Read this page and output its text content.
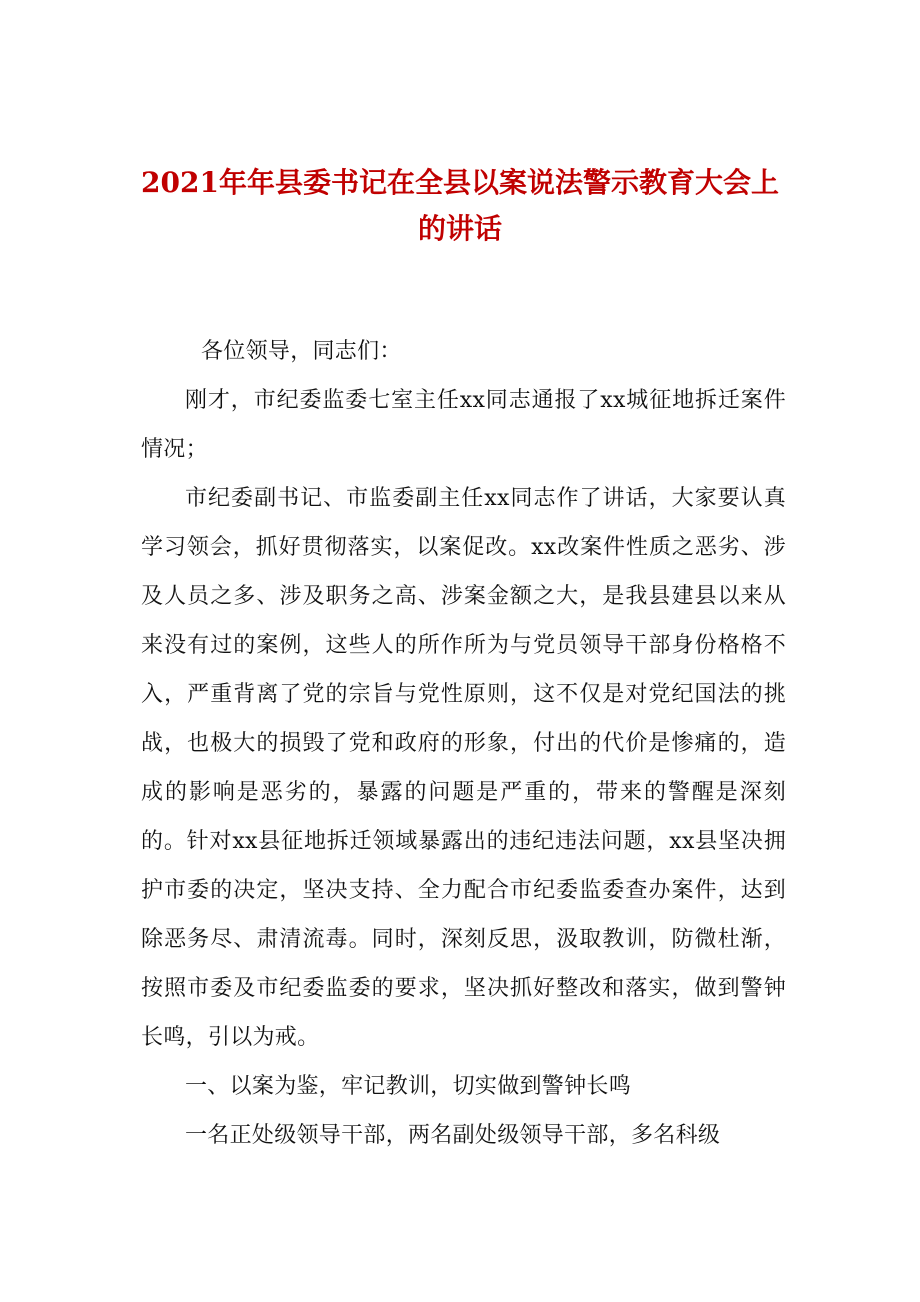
2021年年县委书记在全县以案说法警示教育大会上
的讲话

各位领导，同志们：

刚才，市纪委监委七室主任xx同志通报了xx城征地拆迁案件情况；

市纪委副书记、市监委副主任xx同志作了讲话，大家要认真学习领会，抓好贯彻落实，以案促改。xx改案件性质之恶劣、涉及人员之多、涉及职务之高、涉案金额之大，是我县建县以来从来没有过的案例，这些人的所作所为与党员领导干部身份格格不入，严重背离了党的宗旨与党性原则，这不仅是对党纪国法的挑战，也极大的损毁了党和政府的形象，付出的代价是惨痛的，造成的影响是恶劣的，暴露的问题是严重的，带来的警醒是深刻的。针对xx县征地拆迁领域暴露出的违纪违法问题，xx县坚决拥护市委的决定，坚决支持、全力配合市纪委监委查办案件，达到除恶务尽、肃清流毒。同时，深刻反思，汲取教训，防微杜渐，按照市委及市纪委监委的要求，坚决抓好整改和落实，做到警钟长鸣，引以为戒。

一、以案为鉴，牢记教训，切实做到警钟长鸣

一名正处级领导干部，两名副处级领导干部，多名科级
